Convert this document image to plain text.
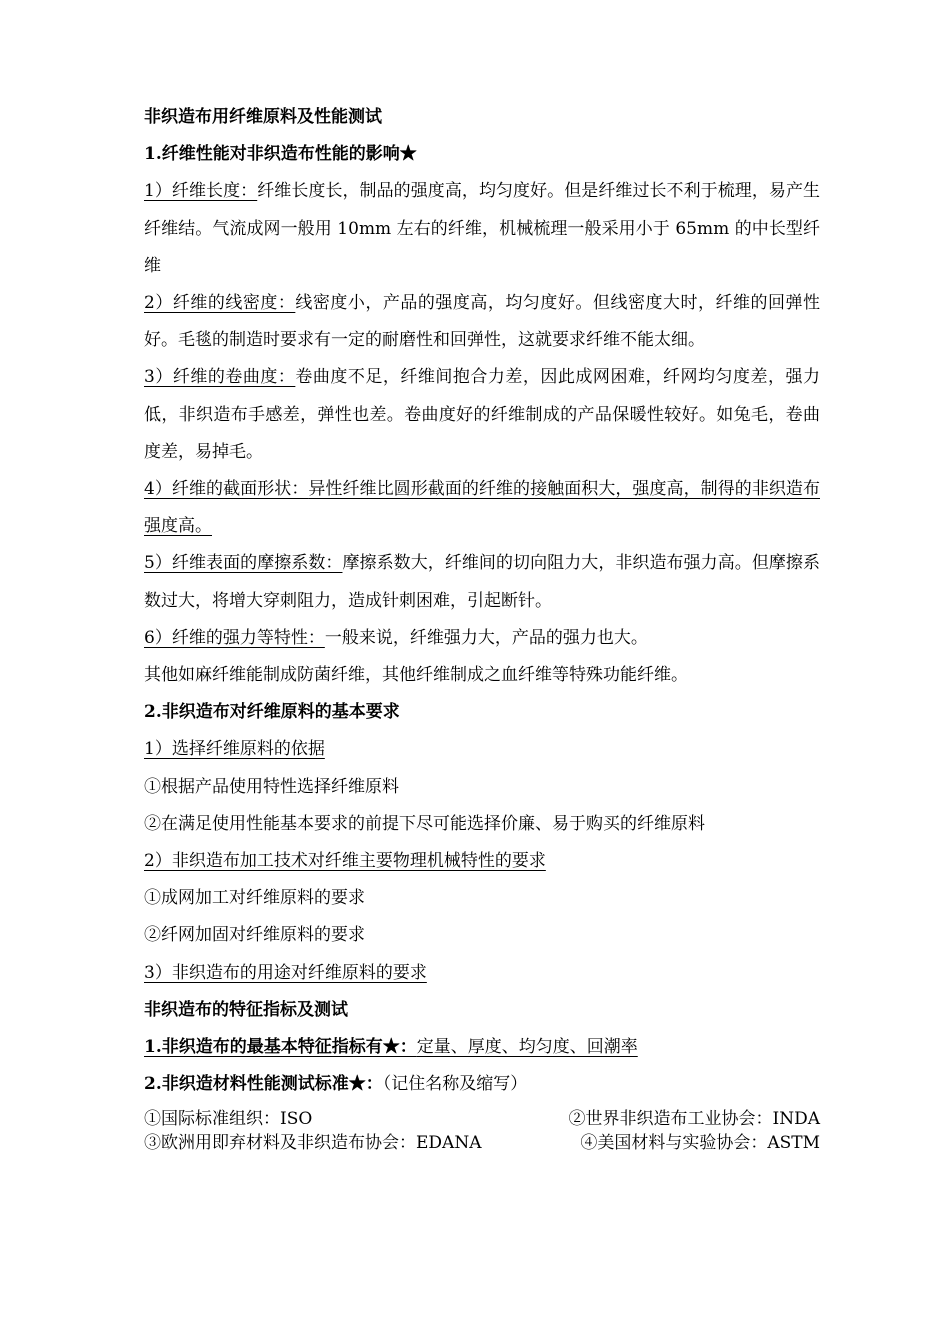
非织造布用纤维原料及性能测试

1.纤维性能对非织造布性能的影响★

1）纤维长度：纤维长度长，制品的强度高，均匀度好。但是纤维过长不利于梳理，易产生纤维结。气流成网一般用 10mm 左右的纤维，机械梳理一般采用小于 65mm 的中长型纤维

2）纤维的线密度：线密度小，产品的强度高，均匀度好。但线密度大时，纤维的回弹性好。毛毯的制造时要求有一定的耐磨性和回弹性，这就要求纤维不能太细。

3）纤维的卷曲度：卷曲度不足，纤维间抱合力差，因此成网困难，纤网均匀度差，强力低，非织造布手感差，弹性也差。卷曲度好的纤维制成的产品保暖性较好。如兔毛，卷曲度差，易掉毛。

4）纤维的截面形状：异性纤维比圆形截面的纤维的接触面积大，强度高，制得的非织造布强度高。

5）纤维表面的摩擦系数：摩擦系数大，纤维间的切向阻力大，非织造布强力高。但摩擦系数过大，将增大穿刺阻力，造成针刺困难，引起断针。

6）纤维的强力等特性：一般来说，纤维强力大，产品的强力也大。

其他如麻纤维能制成防菌纤维，其他纤维制成之血纤维等特殊功能纤维。

2.非织造布对纤维原料的基本要求

1）选择纤维原料的依据

①根据产品使用特性选择纤维原料

②在满足使用性能基本要求的前提下尽可能选择价廉、易于购买的纤维原料

2）非织造布加工技术对纤维主要物理机械特性的要求

①成网加工对纤维原料的要求

②纤网加固对纤维原料的要求

3）非织造布的用途对纤维原料的要求

非织造布的特征指标及测试

1.非织造布的最基本特征指标有★：定量、厚度、均匀度、回潮率

2.非织造材料性能测试标准★：（记住名称及缩写）

①国际标准组织：ISO	②世界非织造布工业协会：INDA
③欧洲用即弃材料及非织造布协会：EDANA	④美国材料与实验协会：ASTM
